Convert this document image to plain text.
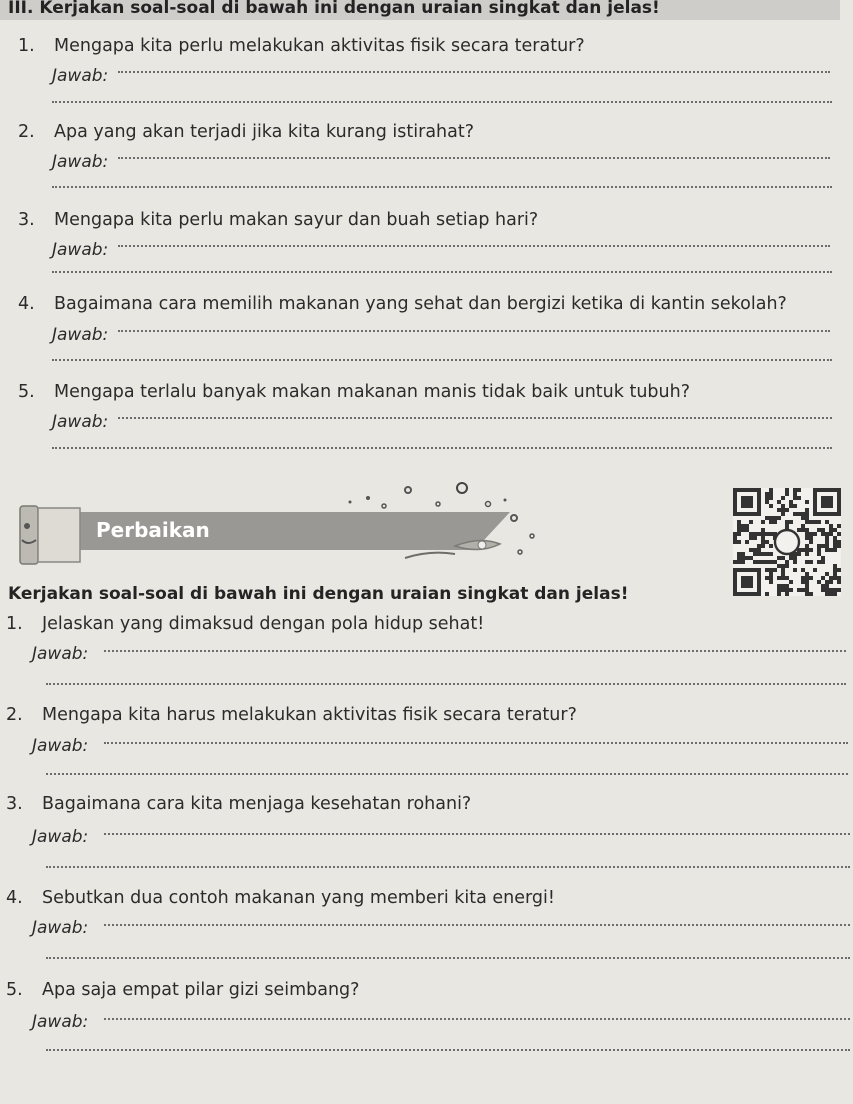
III. Kerjakan soal-soal di bawah ini dengan uraian singkat dan jelas!
1. Mengapa kita perlu melakukan aktivitas fisik secara teratur?
Jawab:
2. Apa yang akan terjadi jika kita kurang istirahat?
Jawab:
3. Mengapa kita perlu makan sayur dan buah setiap hari?
Jawab:
4. Bagaimana cara memilih makanan yang sehat dan bergizi ketika di kantin sekolah?
Jawab:
5. Mengapa terlalu banyak makan makanan manis tidak baik untuk tubuh?
Jawab:
Perbaikan
Kerjakan soal-soal di bawah ini dengan uraian singkat dan jelas!
1. Jelaskan yang dimaksud dengan pola hidup sehat!
Jawab:
2. Mengapa kita harus melakukan aktivitas fisik secara teratur?
Jawab:
3. Bagaimana cara kita menjaga kesehatan rohani?
Jawab:
4. Sebutkan dua contoh makanan yang memberi kita energi!
Jawab:
5. Apa saja empat pilar gizi seimbang?
Jawab:
